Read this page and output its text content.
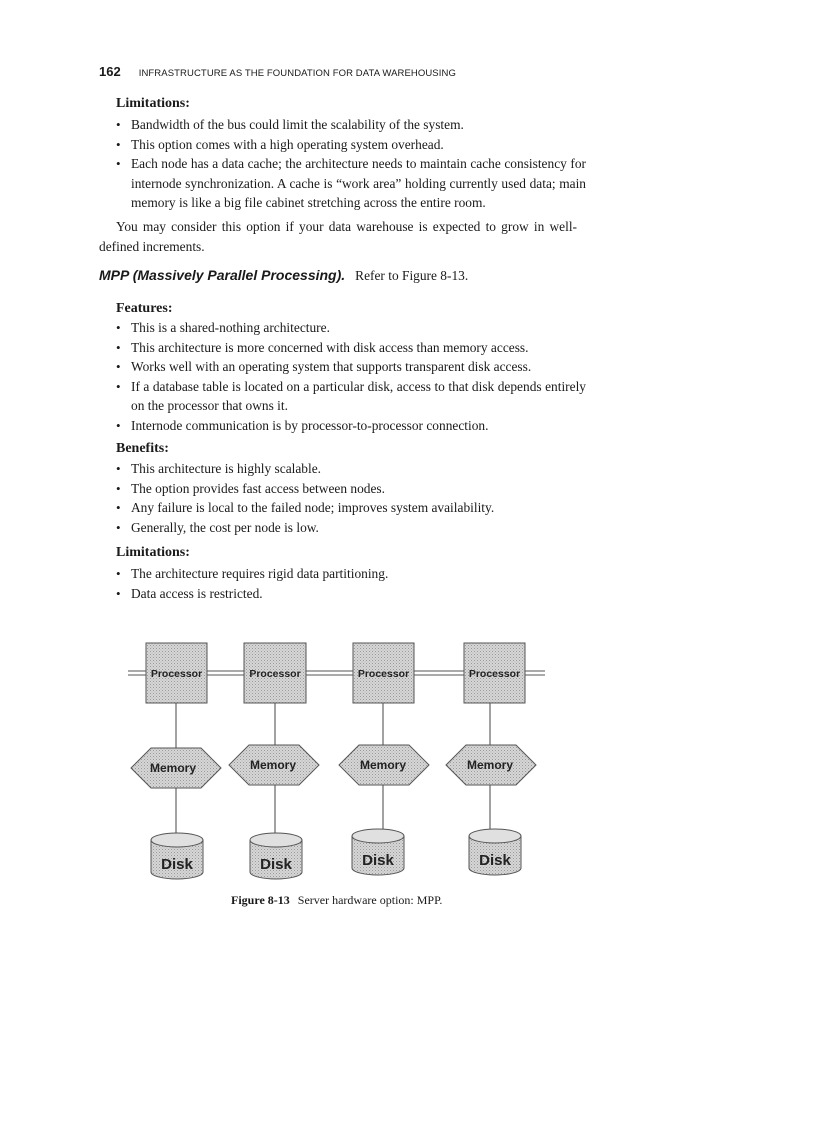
162 INFRASTRUCTURE AS THE FOUNDATION FOR DATA WAREHOUSING
Limitations:
• Bandwidth of the bus could limit the scalability of the system.
• This option comes with a high operating system overhead.
• Each node has a data cache; the architecture needs to maintain cache consistency for internode synchronization. A cache is “work area” holding currently used data; main memory is like a big file cabinet stretching across the entire room.

You may consider this option if your data warehouse is expected to grow in well-defined increments.

MPP (Massively Parallel Processing). Refer to Figure 8-13.
Features:
• This is a shared-nothing architecture.
• This architecture is more concerned with disk access than memory access.
• Works well with an operating system that supports transparent disk access.
• If a database table is located on a particular disk, access to that disk depends entirely on the processor that owns it.
• Internode communication is by processor-to-processor connection.
Benefits:
• This architecture is highly scalable.
• The option provides fast access between nodes.
• Any failure is local to the failed node; improves system availability.
• Generally, the cost per node is low.
Limitations:
• The architecture requires rigid data partitioning.
• Data access is restricted.
Processor
Memory
Disk
Processor
Memory
Disk
Processor
Memory
Disk
Processor
Memory
Disk
Figure 8-13 Server hardware option: MPP.
